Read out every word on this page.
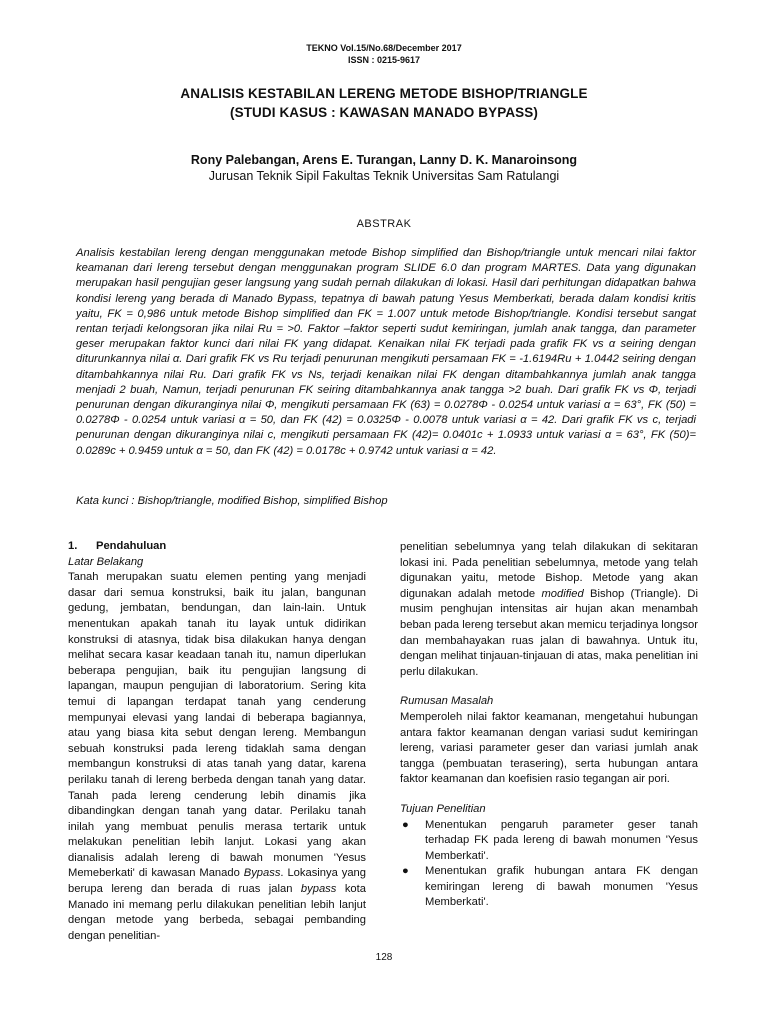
TEKNO Vol.15/No.68/December 2017
ISSN : 0215-9617
ANALISIS KESTABILAN LERENG METODE BISHOP/TRIANGLE
(STUDI KASUS : KAWASAN MANADO BYPASS)
Rony Palebangan, Arens E. Turangan, Lanny D. K. Manaroinsong
Jurusan Teknik Sipil Fakultas Teknik Universitas Sam Ratulangi
ABSTRAK

Analisis kestabilan lereng dengan menggunakan metode Bishop simplified dan Bishop/triangle untuk mencari nilai faktor keamanan dari lereng tersebut dengan menggunakan program SLIDE 6.0 dan program MARTES. Data yang digunakan merupakan hasil pengujian geser langsung yang sudah pernah dilakukan di lokasi. Hasil dari perhitungan didapatkan bahwa kondisi lereng yang berada di Manado Bypass, tepatnya di bawah patung Yesus Memberkati, berada dalam kondisi kritis yaitu, FK = 0,986 untuk metode Bishop simplified dan FK = 1.007 untuk metode Bishop/triangle. Kondisi tersebut sangat rentan terjadi kelongsoran jika nilai Ru = >0. Faktor –faktor seperti sudut kemiringan, jumlah anak tangga, dan parameter geser merupakan faktor kunci dari nilai FK yang didapat. Kenaikan nilai FK terjadi pada grafik FK vs α seiring dengan diturunkannya nilai α. Dari grafik FK vs Ru terjadi penurunan mengikuti persamaan FK = -1.6194Ru + 1.0442 seiring dengan ditambahkannya nilai Ru. Dari grafik FK vs Ns, terjadi kenaikan nilai FK dengan ditambahkannya jumlah anak tangga menjadi 2 buah, Namun, terjadi penurunan FK seiring ditambahkannya anak tangga >2 buah. Dari grafik FK vs Φ, terjadi penurunan dengan dikuranginya nilai Φ, mengikuti persamaan FK (63) = 0.0278Φ - 0.0254 untuk variasi α = 63°, FK (50) = 0.0278Φ - 0.0254 untuk variasi α = 50, dan FK (42) = 0.0325Φ - 0.0078 untuk variasi α = 42. Dari grafik FK vs c, terjadi penurunan dengan dikuranginya nilai c, mengikuti persamaan FK (42)= 0.0401c + 1.0933 untuk variasi α = 63°, FK (50)= 0.0289c + 0.9459 untuk α = 50, dan FK (42) = 0.0178c + 0.9742 untuk variasi α = 42.

Kata kunci : Bishop/triangle, modified Bishop, simplified Bishop

1. Pendahuluan

Latar Belakang

Tanah merupakan suatu elemen penting yang menjadi dasar dari semua konstruksi, baik itu jalan, bangunan gedung, jembatan, bendungan, dan lain-lain. Untuk menentukan apakah tanah itu layak untuk didirikan konstruksi di atasnya, tidak bisa dilakukan hanya dengan melihat secara kasar keadaan tanah itu, namun diperlukan beberapa pengujian, baik itu pengujian langsung di lapangan, maupun pengujian di laboratorium. Sering kita temui di lapangan terdapat tanah yang cenderung mempunyai elevasi yang landai di beberapa bagiannya, atau yang biasa kita sebut dengan lereng. Membangun sebuah konstruksi pada lereng tidaklah sama dengan membangun konstruksi di atas tanah yang datar, karena perilaku tanah di lereng berbeda dengan tanah yang datar. Tanah pada lereng cenderung lebih dinamis jika dibandingkan dengan tanah yang datar. Perilaku tanah inilah yang membuat penulis merasa tertarik untuk melakukan penelitian lebih lanjut. Lokasi yang akan dianalisis adalah lereng di bawah monumen 'Yesus Memeberkati' di kawasan Manado Bypass. Lokasinya yang berupa lereng dan berada di ruas jalan bypass kota Manado ini memang perlu dilakukan penelitian lebih lanjut dengan metode yang berbeda, sebagai pembanding dengan penelitian-

penelitian sebelumnya yang telah dilakukan di sekitaran lokasi ini. Pada penelitian sebelumnya, metode yang telah digunakan yaitu, metode Bishop. Metode yang akan digunakan adalah metode modified Bishop (Triangle). Di musim penghujan intensitas air hujan akan menambah beban pada lereng tersebut akan memicu terjadinya longsor dan membahayakan ruas jalan di bawahnya. Untuk itu, dengan melihat tinjauan-tinjauan di atas, maka penelitian ini perlu dilakukan.

Rumusan Masalah

Memperoleh nilai faktor keamanan, mengetahui hubungan antara faktor keamanan dengan variasi sudut kemiringan lereng, variasi parameter geser dan variasi jumlah anak tangga (pembuatan terasering), serta hubungan antara faktor keamanan dan koefisien rasio tegangan air pori.

Tujuan Penelitian

● Menentukan pengaruh parameter geser tanah terhadap FK pada lereng di bawah monumen 'Yesus Memberkati'.
● Menentukan grafik hubungan antara FK dengan kemiringan lereng di bawah monumen 'Yesus Memberkati'.
128
